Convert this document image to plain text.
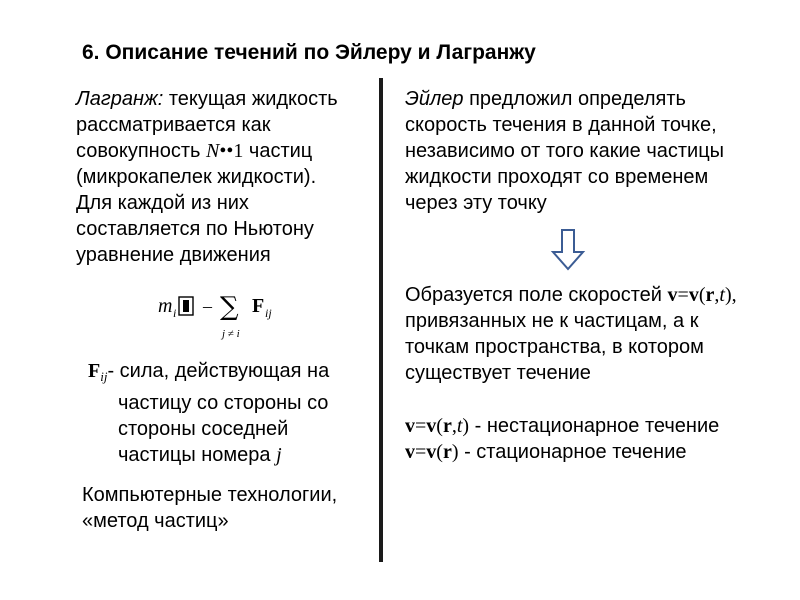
6. Описание течений по Эйлеру и Лагранжу
Лагранж: текущая жидкость
рассматривается как
совокупность N••1 частиц
(микрокапелек жидкости).
Для каждой из них
составляется по Ньютону
уравнение движения
m i – ∑
j ≠ i
F ij
$F_{ij}-$ сила, действующая на
частицу со стороны со
стороны соседней
частицы номера j
Компьютерные технологии,
«метод частиц»
Эйлер предложил определять
скорость течения в данной точке,
независимо от того какие частицы
жидкости проходят со временем
через эту точку
Образуется поле скоростей v=v(r,t),
привязанных не к частицам, а к
точкам пространства, в котором
существует течение
v=v(r,t) - нестационарное течение
v=v(r) - стационарное течение
